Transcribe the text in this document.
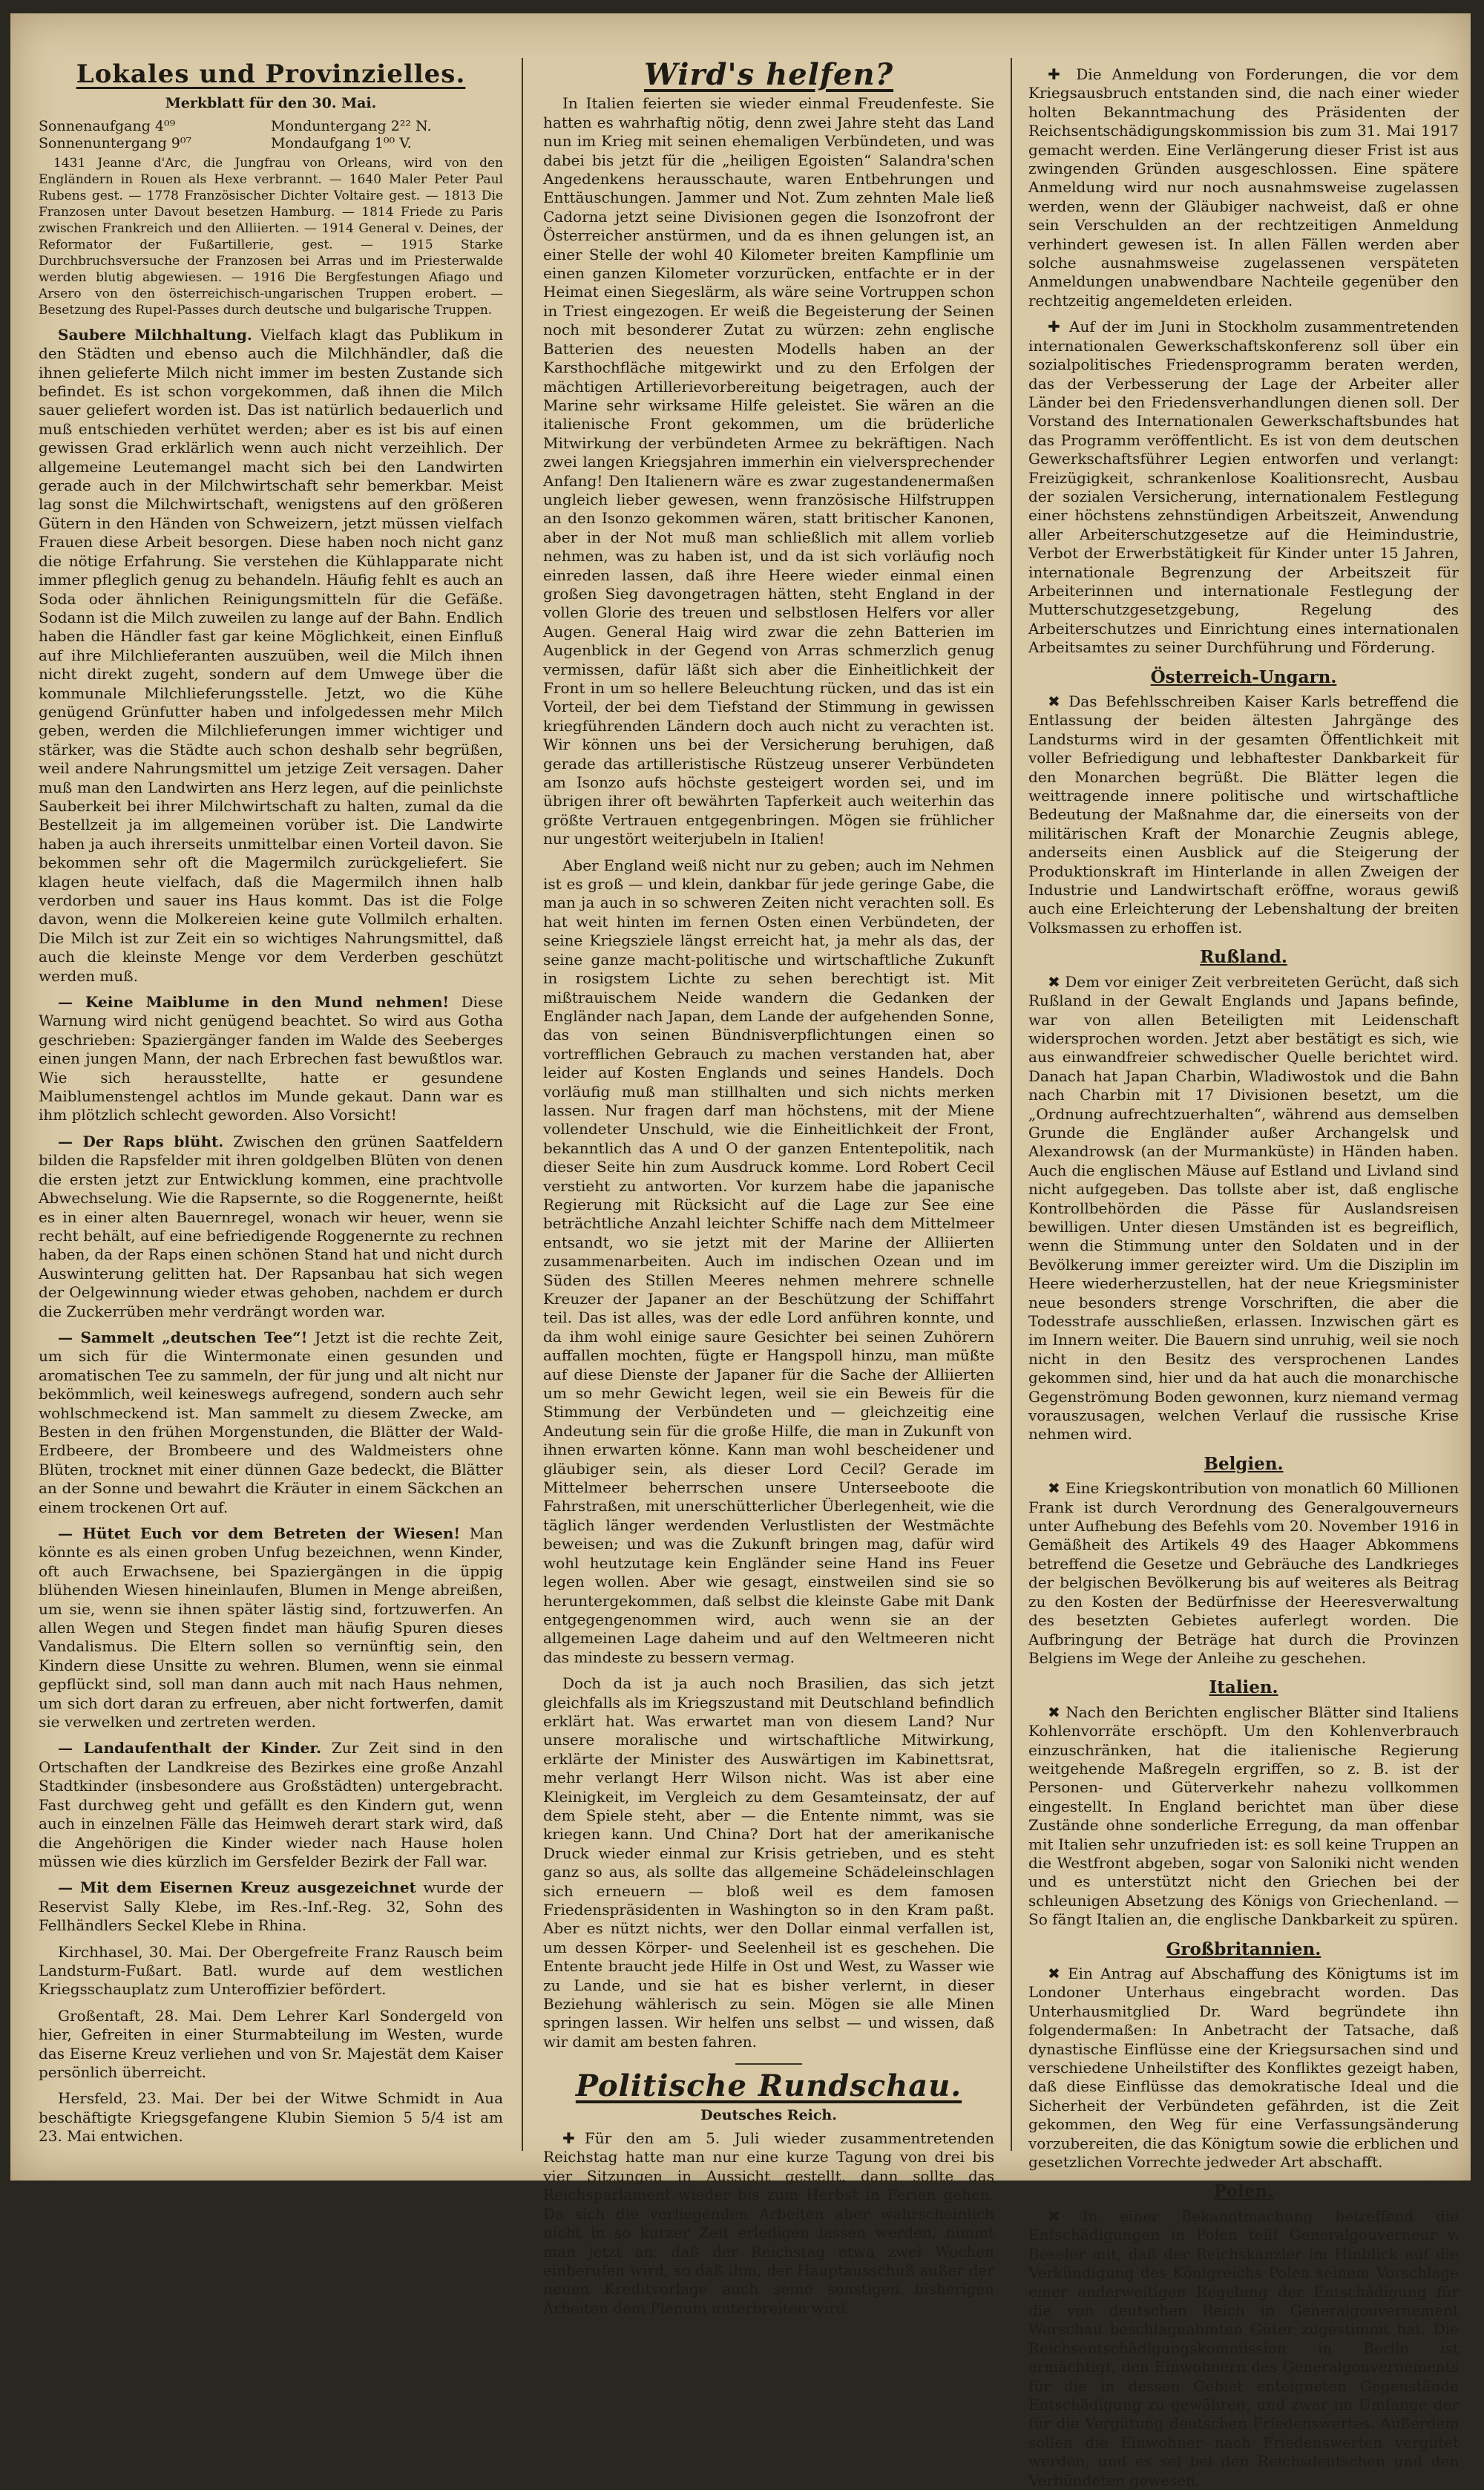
Lokales und Provinzielles.
Merkblatt für den 30. Mai.
Sonnenaufgang 4⁰⁹	Monduntergang 2²² N.
Sonnenuntergang 9⁰⁷	Mondaufgang 1⁰⁰ V.

1431 Jeanne d'Arc, die Jungfrau von Orleans, wird von den Engländern in Rouen als Hexe verbrannt. — 1640 Maler Peter Paul Rubens gest. — 1778 Französischer Dichter Voltaire gest. — 1813 Die Franzosen unter Davout besetzen Hamburg. — 1814 Friede zu Paris zwischen Frankreich und den Alliierten. — 1914 General v. Deines, der Reformator der Fußartillerie, gest. — 1915 Starke Durchbruchsversuche der Franzosen bei Arras und im Priesterwalde werden blutig abgewiesen. — 1916 Die Bergfestungen Afiago und Arsero von den österreichisch-ungarischen Truppen erobert. — Besetzung des Rupel-Passes durch deutsche und bulgarische Truppen.

Saubere Milchhaltung. Vielfach klagt das Publikum in den Städten und ebenso auch die Milchhändler, daß die ihnen gelieferte Milch nicht immer im besten Zustande sich befindet. Es ist schon vorgekommen, daß ihnen die Milch sauer geliefert worden ist. Das ist natürlich bedauerlich und muß entschieden verhütet werden; aber es ist bis auf einen gewissen Grad erklärlich wenn auch nicht verzeihlich. Der allgemeine Leutemangel macht sich bei den Landwirten gerade auch in der Milchwirtschaft sehr bemerkbar. Meist lag sonst die Milchwirtschaft, wenigstens auf den größeren Gütern in den Händen von Schweizern, jetzt müssen vielfach Frauen diese Arbeit besorgen. Diese haben noch nicht ganz die nötige Erfahrung. Sie verstehen die Kühlapparate nicht immer pfleglich genug zu behandeln. Häufig fehlt es auch an Soda oder ähnlichen Reinigungsmitteln für die Gefäße. Sodann ist die Milch zuweilen zu lange auf der Bahn. Endlich haben die Händler fast gar keine Möglichkeit, einen Einfluß auf ihre Milchlieferanten auszuüben, weil die Milch ihnen nicht direkt zugeht, sondern auf dem Umwege über die kommunale Milchlieferungsstelle. Jetzt, wo die Kühe genügend Grünfutter haben und infolgedessen mehr Milch geben, werden die Milchlieferungen immer wichtiger und stärker, was die Städte auch schon deshalb sehr begrüßen, weil andere Nahrungsmittel um jetzige Zeit versagen. Daher muß man den Landwirten ans Herz legen, auf die peinlichste Sauberkeit bei ihrer Milchwirtschaft zu halten, zumal da die Bestellzeit ja im allgemeinen vorüber ist. Die Landwirte haben ja auch ihrerseits unmittelbar einen Vorteil davon. Sie bekommen sehr oft die Magermilch zurückgeliefert. Sie klagen heute vielfach, daß die Magermilch ihnen halb verdorben und sauer ins Haus kommt. Das ist die Folge davon, wenn die Molkereien keine gute Vollmilch erhalten. Die Milch ist zur Zeit ein so wichtiges Nahrungsmittel, daß auch die kleinste Menge vor dem Verderben geschützt werden muß.

— Keine Maiblume in den Mund nehmen! Diese Warnung wird nicht genügend beachtet. So wird aus Gotha geschrieben: Spaziergänger fanden im Walde des Seeberges einen jungen Mann, der nach Erbrechen fast bewußtlos war. Wie sich herausstellte, hatte er gesundene Maiblumenstengel achtlos im Munde gekaut. Dann war es ihm plötzlich schlecht geworden. Also Vorsicht!

— Der Raps blüht. Zwischen den grünen Saatfeldern bilden die Rapsfelder mit ihren goldgelben Blüten von denen die ersten jetzt zur Entwicklung kommen, eine prachtvolle Abwechselung. Wie die Rapsernte, so die Roggenernte, heißt es in einer alten Bauernregel, wonach wir heuer, wenn sie recht behält, auf eine befriedigende Roggenernte zu rechnen haben, da der Raps einen schönen Stand hat und nicht durch Auswinterung gelitten hat. Der Rapsanbau hat sich wegen der Oelgewinnung wieder etwas gehoben, nachdem er durch die Zuckerrüben mehr verdrängt worden war.

— Sammelt „deutschen Tee“! Jetzt ist die rechte Zeit, um sich für die Wintermonate einen gesunden und aromatischen Tee zu sammeln, der für jung und alt nicht nur bekömmlich, weil keineswegs aufregend, sondern auch sehr wohlschmeckend ist. Man sammelt zu diesem Zwecke, am Besten in den frühen Morgenstunden, die Blätter der Wald-Erdbeere, der Brombeere und des Waldmeisters ohne Blüten, trocknet mit einer dünnen Gaze bedeckt, die Blätter an der Sonne und bewahrt die Kräuter in einem Säckchen an einem trockenen Ort auf.

— Hütet Euch vor dem Betreten der Wiesen! Man könnte es als einen groben Unfug bezeichnen, wenn Kinder, oft auch Erwachsene, bei Spaziergängen in die üppig blühenden Wiesen hineinlaufen, Blumen in Menge abreißen, um sie, wenn sie ihnen später lästig sind, fortzuwerfen. An allen Wegen und Stegen findet man häufig Spuren dieses Vandalismus. Die Eltern sollen so vernünftig sein, den Kindern diese Unsitte zu wehren. Blumen, wenn sie einmal gepflückt sind, soll man dann auch mit nach Haus nehmen, um sich dort daran zu erfreuen, aber nicht fortwerfen, damit sie verwelken und zertreten werden.

— Landaufenthalt der Kinder. Zur Zeit sind in den Ortschaften der Landkreise des Bezirkes eine große Anzahl Stadtkinder (insbesondere aus Großstädten) untergebracht. Fast durchweg geht und gefällt es den Kindern gut, wenn auch in einzelnen Fälle das Heimweh derart stark wird, daß die Angehörigen die Kinder wieder nach Hause holen müssen wie dies kürzlich im Gersfelder Bezirk der Fall war.

— Mit dem Eisernen Kreuz ausgezeichnet wurde der Reservist Sally Klebe, im Res.-Inf.-Reg. 32, Sohn des Fellhändlers Seckel Klebe in Rhina.

Kirchhasel, 30. Mai. Der Obergefreite Franz Rausch beim Landsturm-Fußart. Batl. wurde auf dem westlichen Kriegsschauplatz zum Unteroffizier befördert.

Großentaft, 28. Mai. Dem Lehrer Karl Sondergeld von hier, Gefreiten in einer Sturmabteilung im Westen, wurde das Eiserne Kreuz verliehen und von Sr. Majestät dem Kaiser persönlich überreicht.

Hersfeld, 23. Mai. Der bei der Witwe Schmidt in Aua beschäftigte Kriegsgefangene Klubin Siemion 5 5/4 ist am 23. Mai entwichen.

Wird's helfen?

In Italien feierten sie wieder einmal Freudenfeste. Sie hatten es wahrhaftig nötig, denn zwei Jahre steht das Land nun im Krieg mit seinen ehemaligen Verbündeten, und was dabei bis jetzt für die „heiligen Egoisten“ Salandra'schen Angedenkens herausschaute, waren Entbehrungen und Enttäuschungen. Jammer und Not. Zum zehnten Male ließ Cadorna jetzt seine Divisionen gegen die Isonzofront der Österreicher anstürmen, und da es ihnen gelungen ist, an einer Stelle der wohl 40 Kilometer breiten Kampflinie um einen ganzen Kilometer vorzurücken, entfachte er in der Heimat einen Siegeslärm, als wäre seine Vortruppen schon in Triest eingezogen. Er weiß die Begeisterung der Seinen noch mit besonderer Zutat zu würzen: zehn englische Batterien des neuesten Modells haben an der Karsthochfläche mitgewirkt und zu den Erfolgen der mächtigen Artillerievorbereitung beigetragen, auch der Marine sehr wirksame Hilfe geleistet. Sie wären an die italienische Front gekommen, um die brüderliche Mitwirkung der verbündeten Armee zu bekräftigen. Nach zwei langen Kriegsjahren immerhin ein vielversprechender Anfang! Den Italienern wäre es zwar zugestandenermaßen ungleich lieber gewesen, wenn französische Hilfstruppen an den Isonzo gekommen wären, statt britischer Kanonen, aber in der Not muß man schließlich mit allem vorlieb nehmen, was zu haben ist, und da ist sich vorläufig noch einreden lassen, daß ihre Heere wieder einmal einen großen Sieg davongetragen hätten, steht England in der vollen Glorie des treuen und selbstlosen Helfers vor aller Augen. General Haig wird zwar die zehn Batterien im Augenblick in der Gegend von Arras schmerzlich genug vermissen, dafür läßt sich aber die Einheitlichkeit der Front in um so hellere Beleuchtung rücken, und das ist ein Vorteil, der bei dem Tiefstand der Stimmung in gewissen kriegführenden Ländern doch auch nicht zu verachten ist. Wir können uns bei der Versicherung beruhigen, daß gerade das artilleristische Rüstzeug unserer Verbündeten am Isonzo aufs höchste gesteigert worden sei, und im übrigen ihrer oft bewährten Tapferkeit auch weiterhin das größte Vertrauen entgegenbringen. Mögen sie frühlicher nur ungestört weiterjubeln in Italien!

Aber England weiß nicht nur zu geben; auch im Nehmen ist es groß — und klein, dankbar für jede geringe Gabe, die man ja auch in so schweren Zeiten nicht verachten soll. Es hat weit hinten im fernen Osten einen Verbündeten, der seine Kriegsziele längst erreicht hat, ja mehr als das, der seine ganze macht-politische und wirtschaftliche Zukunft in rosigstem Lichte zu sehen berechtigt ist. Mit mißtrauischem Neide wandern die Gedanken der Engländer nach Japan, dem Lande der aufgehenden Sonne, das von seinen Bündnisverpflichtungen einen so vortrefflichen Gebrauch zu machen verstanden hat, aber leider auf Kosten Englands und seines Handels. Doch vorläufig muß man stillhalten und sich nichts merken lassen. Nur fragen darf man höchstens, mit der Miene vollendeter Unschuld, wie die Einheitlichkeit der Front, bekanntlich das A und O der ganzen Ententepolitik, nach dieser Seite hin zum Ausdruck komme. Lord Robert Cecil verstieht zu antworten. Vor kurzem habe die japanische Regierung mit Rücksicht auf die Lage zur See eine beträchtliche Anzahl leichter Schiffe nach dem Mittelmeer entsandt, wo sie jetzt mit der Marine der Alliierten zusammenarbeiten. Auch im indischen Ozean und im Süden des Stillen Meeres nehmen mehrere schnelle Kreuzer der Japaner an der Beschützung der Schiffahrt teil. Das ist alles, was der edle Lord anführen konnte, und da ihm wohl einige saure Gesichter bei seinen Zuhörern auffallen mochten, fügte er Hangspoll hinzu, man müßte auf diese Dienste der Japaner für die Sache der Alliierten um so mehr Gewicht legen, weil sie ein Beweis für die Stimmung der Verbündeten und — gleichzeitig eine Andeutung sein für die große Hilfe, die man in Zukunft von ihnen erwarten könne. Kann man wohl bescheidener und gläubiger sein, als dieser Lord Cecil? Gerade im Mittelmeer beherrschen unsere Unterseeboote die Fahrstraßen, mit unerschütterlicher Überlegenheit, wie die täglich länger werdenden Verlustlisten der Westmächte beweisen; und was die Zukunft bringen mag, dafür wird wohl heutzutage kein Engländer seine Hand ins Feuer legen wollen. Aber wie gesagt, einstweilen sind sie so heruntergekommen, daß selbst die kleinste Gabe mit Dank entgegengenommen wird, auch wenn sie an der allgemeinen Lage daheim und auf den Weltmeeren nicht das mindeste zu bessern vermag.

Doch da ist ja auch noch Brasilien, das sich jetzt gleichfalls als im Kriegszustand mit Deutschland befindlich erklärt hat. Was erwartet man von diesem Land? Nur unsere moralische und wirtschaftliche Mitwirkung, erklärte der Minister des Auswärtigen im Kabinettsrat, mehr verlangt Herr Wilson nicht. Was ist aber eine Kleinigkeit, im Vergleich zu dem Gesamteinsatz, der auf dem Spiele steht, aber — die Entente nimmt, was sie kriegen kann. Und China? Dort hat der amerikanische Druck wieder einmal zur Krisis getrieben, und es steht ganz so aus, als sollte das allgemeine Schädeleinschlagen sich erneuern — bloß weil es dem famosen Friedenspräsidenten in Washington so in den Kram paßt. Aber es nützt nichts, wer den Dollar einmal verfallen ist, um dessen Körper- und Seelenheil ist es geschehen. Die Entente braucht jede Hilfe in Ost und West, zu Wasser wie zu Lande, und sie hat es bisher verlernt, in dieser Beziehung wählerisch zu sein. Mögen sie alle Minen springen lassen. Wir helfen uns selbst — und wissen, daß wir damit am besten fahren.

Politische Rundschau.
Deutsches Reich.

✚Für den am 5. Juli wieder zusammentretenden Reichstag hatte man nur eine kurze Tagung von drei bis vier Sitzungen in Aussicht gestellt, dann sollte das Reichsparlament wieder bis zum Herbst in Ferien gehen. Da sich die vorliegenden Arbeiten aber wahrscheinlich nicht in so kurzer Zeit erledigen lassen werden, nimmt man jetzt an, daß der Reichstag etwa zwei Wochen einberufen wird, so daß ihm, der Hauptausschuß außer der neuen Kreditvorlage auch seine sonstigen bisherigen Arbeiten dem Plenum unterbreiten wird.

✚ Die Anmeldung von Forderungen, die vor dem Kriegsausbruch entstanden sind, die nach einer wieder holten Bekanntmachung des Präsidenten der Reichsentschädigungskommission bis zum 31. Mai 1917 gemacht werden. Eine Verlängerung dieser Frist ist aus zwingenden Gründen ausgeschlossen. Eine spätere Anmeldung wird nur noch ausnahmsweise zugelassen werden, wenn der Gläubiger nachweist, daß er ohne sein Verschulden an der rechtzeitigen Anmeldung verhindert gewesen ist. In allen Fällen werden aber solche ausnahmsweise zugelassenen verspäteten Anmeldungen unabwendbare Nachteile gegenüber den rechtzeitig angemeldeten erleiden.

✚ Auf der im Juni in Stockholm zusammentretenden internationalen Gewerkschaftskonferenz soll über ein sozialpolitisches Friedensprogramm beraten werden, das der Verbesserung der Lage der Arbeiter aller Länder bei den Friedensverhandlungen dienen soll. Der Vorstand des Internationalen Gewerkschaftsbundes hat das Programm veröffentlicht. Es ist von dem deutschen Gewerkschaftsführer Legien entworfen und verlangt: Freizügigkeit, schrankenlose Koalitionsrecht, Ausbau der sozialen Versicherung, internationalem Festlegung einer höchstens zehnstündigen Arbeitszeit, Anwendung aller Arbeiterschutzgesetze auf die Heimindustrie, Verbot der Erwerbstätigkeit für Kinder unter 15 Jahren, internationale Begrenzung der Arbeitszeit für Arbeiterinnen und internationale Festlegung der Mutterschutzgesetzgebung, Regelung des Arbeiterschutzes und Einrichtung eines internationalen Arbeitsamtes zu seiner Durchführung und Förderung.

Österreich-Ungarn.

✖ Das Befehlsschreiben Kaiser Karls betreffend die Entlassung der beiden ältesten Jahrgänge des Landsturms wird in der gesamten Öffentlichkeit mit voller Befriedigung und lebhaftester Dankbarkeit für den Monarchen begrüßt. Die Blätter legen die weittragende innere politische und wirtschaftliche Bedeutung der Maßnahme dar, die einerseits von der militärischen Kraft der Monarchie Zeugnis ablege, anderseits einen Ausblick auf die Steigerung der Produktionskraft im Hinterlande in allen Zweigen der Industrie und Landwirtschaft eröffne, woraus gewiß auch eine Erleichterung der Lebenshaltung der breiten Volksmassen zu erhoffen ist.

Rußland.

✖ Dem vor einiger Zeit verbreiteten Gerücht, daß sich Rußland in der Gewalt Englands und Japans befinde, war von allen Beteiligten mit Leidenschaft widersprochen worden. Jetzt aber bestätigt es sich, wie aus einwandfreier schwedischer Quelle berichtet wird. Danach hat Japan Charbin, Wladiwostok und die Bahn nach Charbin mit 17 Divisionen besetzt, um die „Ordnung aufrechtzuerhalten“, während aus demselben Grunde die Engländer außer Archangelsk und Alexandrowsk (an der Murmanküste) in Händen haben. Auch die englischen Mäuse auf Estland und Livland sind nicht aufgegeben. Das tollste aber ist, daß englische Kontrollbehörden die Pässe für Auslandsreisen bewilligen. Unter diesen Umständen ist es begreiflich, wenn die Stimmung unter den Soldaten und in der Bevölkerung immer gereizter wird. Um die Disziplin im Heere wiederherzustellen, hat der neue Kriegsminister neue besonders strenge Vorschriften, die aber die Todesstrafe ausschließen, erlassen. Inzwischen gärt es im Innern weiter. Die Bauern sind unruhig, weil sie noch nicht in den Besitz des versprochenen Landes gekommen sind, hier und da hat auch die monarchische Gegenströmung Boden gewonnen, kurz niemand vermag vorauszusagen, welchen Verlauf die russische Krise nehmen wird.

Belgien.

✖ Eine Kriegskontribution von monatlich 60 Millionen Frank ist durch Verordnung des Generalgouverneurs unter Aufhebung des Befehls vom 20. November 1916 in Gemäßheit des Artikels 49 des Haager Abkommens betreffend die Gesetze und Gebräuche des Landkrieges der belgischen Bevölkerung bis auf weiteres als Beitrag zu den Kosten der Bedürfnisse der Heeresverwaltung des besetzten Gebietes auferlegt worden. Die Aufbringung der Beträge hat durch die Provinzen Belgiens im Wege der Anleihe zu geschehen.

Italien.

✖ Nach den Berichten englischer Blätter sind Italiens Kohlenvorräte erschöpft. Um den Kohlenverbrauch einzuschränken, hat die italienische Regierung weitgehende Maßregeln ergriffen, so z. B. ist der Personen- und Güterverkehr nahezu vollkommen eingestellt. In England berichtet man über diese Zustände ohne sonderliche Erregung, da man offenbar mit Italien sehr unzufrieden ist: es soll keine Truppen an die Westfront abgeben, sogar von Saloniki nicht wenden und es unterstützt nicht den Griechen bei der schleunigen Absetzung des Königs von Griechenland. — So fängt Italien an, die englische Dankbarkeit zu spüren.

Großbritannien.

✖ Ein Antrag auf Abschaffung des Königtums ist im Londoner Unterhaus eingebracht worden. Das Unterhausmitglied Dr. Ward begründete ihn folgendermaßen: In Anbetracht der Tatsache, daß dynastische Einflüsse eine der Kriegsursachen sind und verschiedene Unheilstifter des Konfliktes gezeigt haben, daß diese Einflüsse das demokratische Ideal und die Sicherheit der Verbündeten gefährden, ist die Zeit gekommen, den Weg für eine Verfassungsänderung vorzubereiten, die das Königtum sowie die erblichen und gesetzlichen Vorrechte jedweder Art abschafft.

Polen.

✖ In einer Bekanntmachung betreffend die Entschädigungen in Polen teilt Generalgouverneur v. Beseler mit, daß der Reichskanzler im Hinblick auf die Verkündigung des Königreichs Polen seinem Vorschlage einer anderweitigen Regelung der Entschädigung für die von deutschen Reich in Generalgouvernement Warschau beschlagnahmten Güter zugestimmt hat. Die Reichsentschädigungskommission in Berlin ist ermächtigt, den Einwohnern des Generalgouvernements für die in dessen Gebiet enteigneten Gegenstände Entschädigung zu gewähren, und zwar im Umfange der für die Vergütung deutschen Friedenswertes. Außerdem sollen die Einwohner nach Friedenswerten vergütet werden, und es sei bei den Reichsdeutschen und den Verbündeten gewesen.
